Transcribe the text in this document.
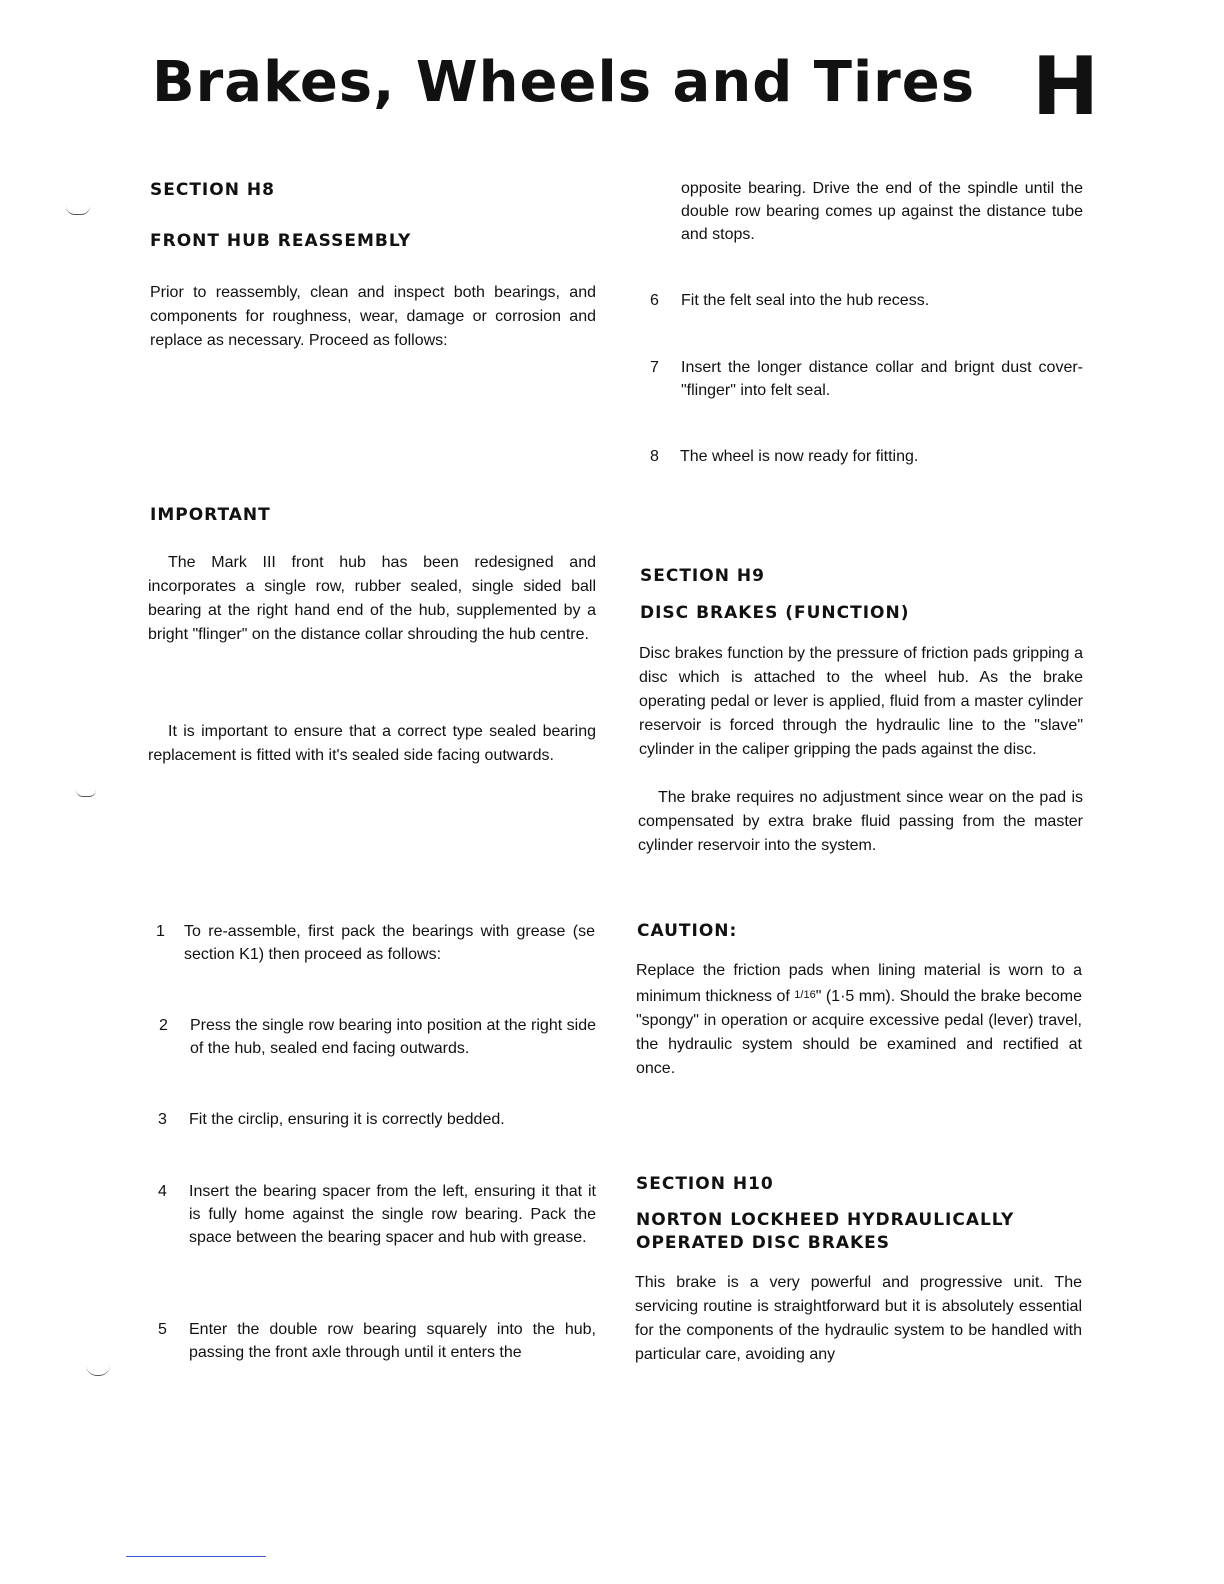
Brakes, Wheels and Tires H
SECTION H8
FRONT HUB REASSEMBLY

Prior to reassembly, clean and inspect both bearings, and components for roughness, wear, damage or corrosion and replace as necessary. Proceed as follows:

IMPORTANT

The Mark III front hub has been redesigned and incorporates a single row, rubber sealed, single sided ball bearing at the right hand end of the hub, supplemented by a bright "flinger" on the distance collar shrouding the hub centre.

It is important to ensure that a correct type sealed bearing replacement is fitted with it's sealed side facing outwards.

1 To re-assemble, first pack the bearings with grease (se section K1) then proceed as follows:
2 Press the single row bearing into position at the right side of the hub, sealed end facing outwards.
3 Fit the circlip, ensuring it is correctly bedded.
4 Insert the bearing spacer from the left, ensuring it that it is fully home against the single row bearing. Pack the space between the bearing spacer and hub with grease.
5 Enter the double row bearing squarely into the hub, passing the front axle through until it enters the

opposite bearing. Drive the end of the spindle until the double row bearing comes up against the distance tube and stops.

6 Fit the felt seal into the hub recess.
7 Insert the longer distance collar and brignt dust cover-"flinger" into felt seal.
8 The wheel is now ready for fitting.
SECTION H9
DISC BRAKES (FUNCTION)

Disc brakes function by the pressure of friction pads gripping a disc which is attached to the wheel hub. As the brake operating pedal or lever is applied, fluid from a master cylinder reservoir is forced through the hydraulic line to the "slave" cylinder in the caliper gripping the pads against the disc.

The brake requires no adjustment since wear on the pad is compensated by extra brake fluid passing from the master cylinder reservoir into the system.

CAUTION:

Replace the friction pads when lining material is worn to a minimum thickness of 1/16" (1·5 mm). Should the brake become "spongy" in operation or acquire excessive pedal (lever) travel, the hydraulic system should be examined and rectified at once.

SECTION H10
NORTON LOCKHEED HYDRAULICALLY
OPERATED DISC BRAKES

This brake is a very powerful and progressive unit. The servicing routine is straightforward but it is absolutely essential for the components of the hydraulic system to be handled with particular care, avoiding any
